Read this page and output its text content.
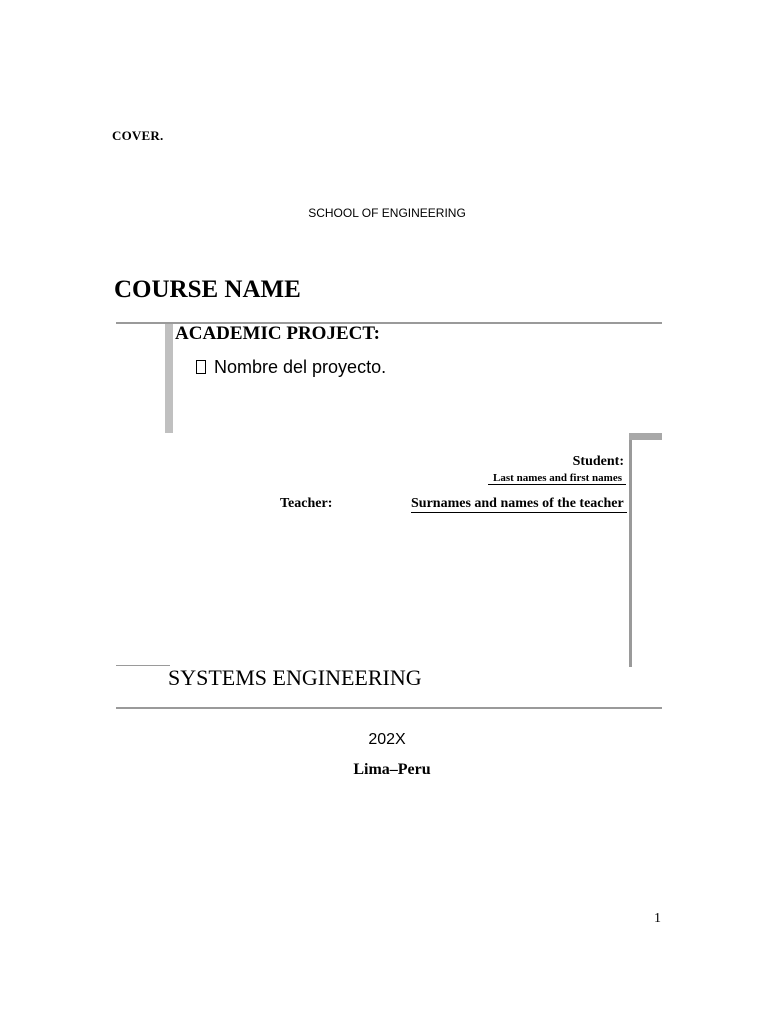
COVER.
SCHOOL OF ENGINEERING
COURSE NAME
ACADEMIC PROJECT:
Nombre del proyecto.
Student:
Last names and first names
Teacher:	Surnames and names of the teacher
SYSTEMS ENGINEERING
202X
Lima–Peru
1
